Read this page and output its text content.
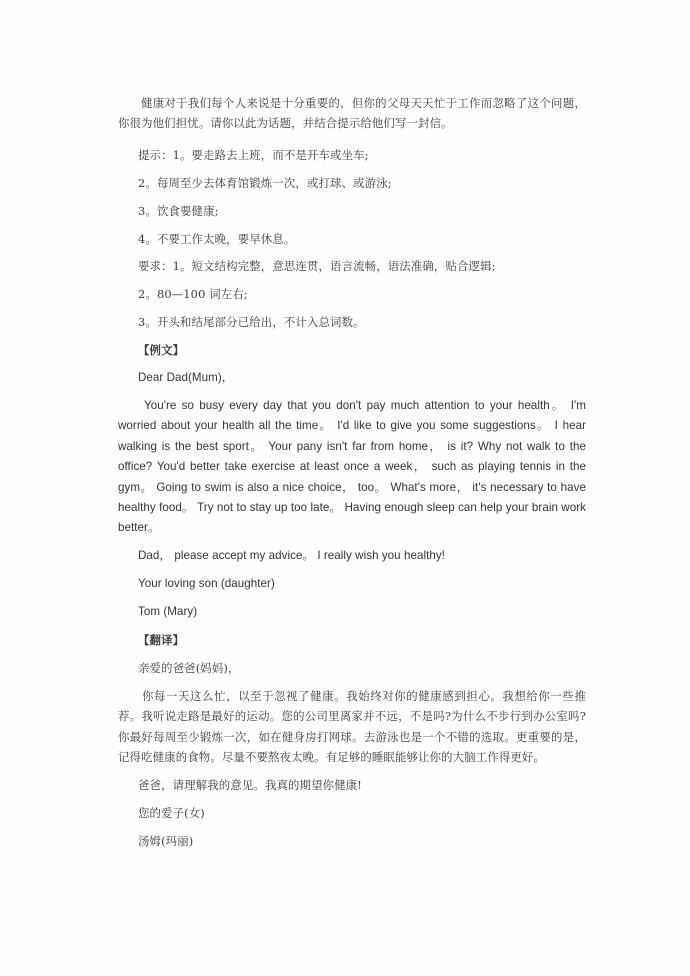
健康对于我们每个人来说是十分重要的，但你的父母天天忙于工作而忽略了这个问题，你很为他们担忧。请你以此为话题，并结合提示给他们写一封信。

提示：1。要走路去上班，而不是开车或坐车;

2。每周至少去体育馆锻炼一次，或打球、或游泳;

3。饮食要健康;

4。不要工作太晚，要早休息。

要求：1。短文结构完整，意思连贯，语言流畅，语法准确，贴合逻辑;

2。80—100 词左右;

3。开头和结尾部分已给出，不计入总词数。

【例文】

Dear Dad(Mum)，

You're so busy every day that you don't pay much attention to your health。 I'm worried about your health all the time。 I'd like to give you some suggestions。 I hear walking is the best sport。 Your pany isn't far from home， is it? Why not walk to the office? You'd better take exercise at least once a week， such as playing tennis in the gym。 Going to swim is also a nice choice， too。 What's more， it's necessary to have healthy food。 Try not to stay up too late。 Having enough sleep can help your brain work better。

Dad， please accept my advice。 I really wish you healthy!

Your loving son (daughter)

Tom (Mary)

【翻译】

亲爱的爸爸(妈妈)，

你每一天这么忙，以至于忽视了健康。我始终对你的健康感到担心。我想给你一些推荐。我听说走路是最好的运动。您的公司里离家并不远，不是吗?为什么不步行到办公室吗?你最好每周至少锻炼一次，如在健身房打网球。去游泳也是一个不错的选取。更重要的是，记得吃健康的食物。尽量不要熬夜太晚。有足够的睡眠能够让你的大脑工作得更好。

爸爸，请理解我的意见。我真的期望你健康!

您的爱子(女)

汤姆(玛丽)
